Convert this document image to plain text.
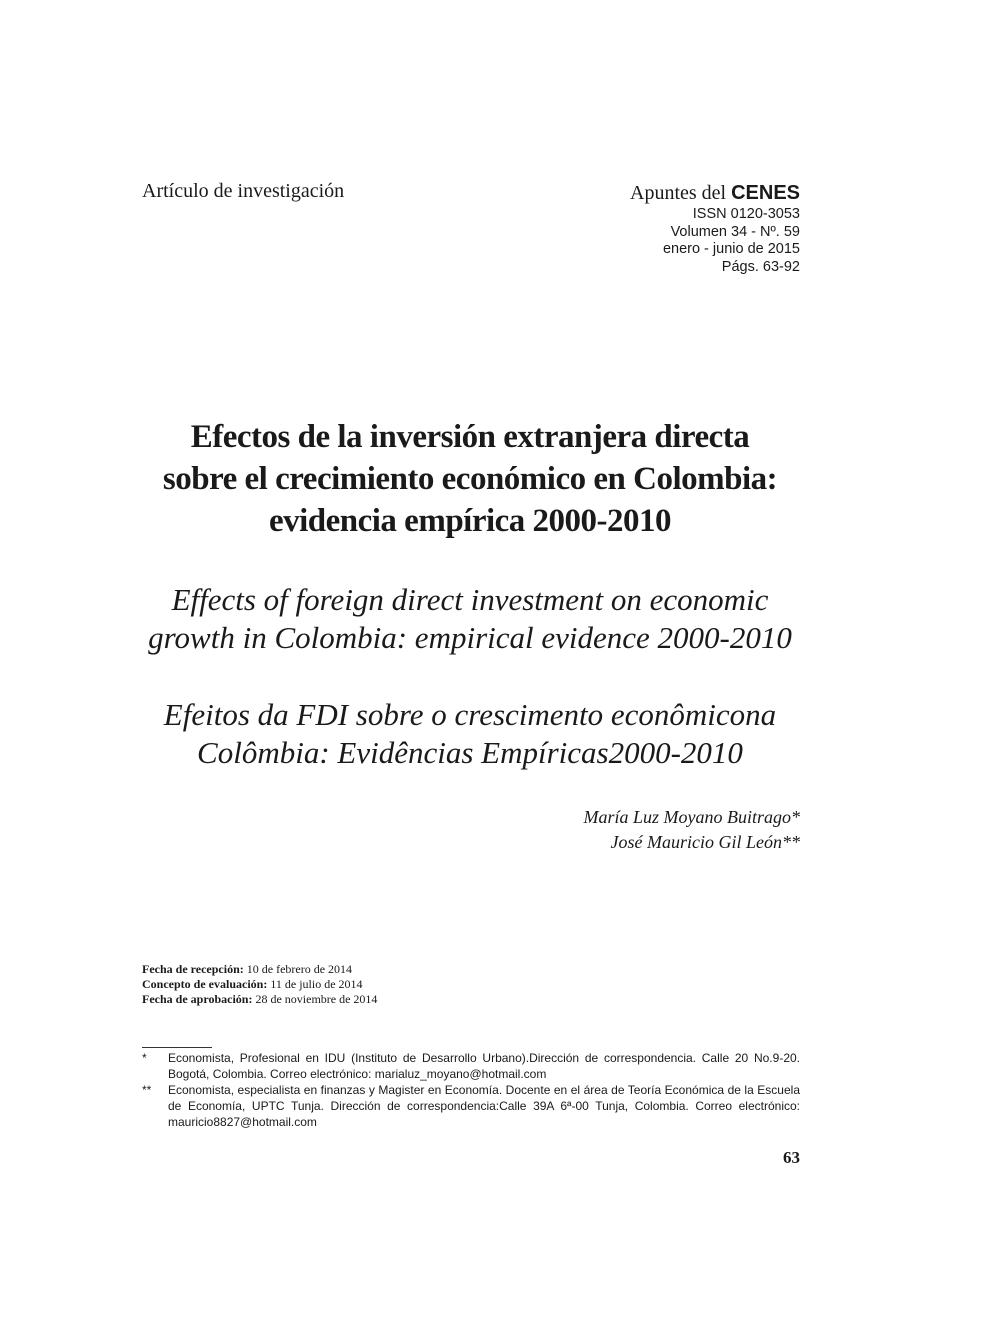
Artículo de investigación	Apuntes del CENES
ISSN 0120-3053
Volumen 34 - Nº. 59
enero - junio de 2015
Págs. 63-92
Efectos de la inversión extranjera directa
sobre el crecimiento económico en Colombia:
evidencia empírica 2000-2010
Effects of foreign direct investment on economic
growth in Colombia: empirical evidence 2000-2010
Efeitos da FDI sobre o crescimento econômicona
Colômbia: Evidências Empíricas2000-2010
María Luz Moyano Buitrago*
José Mauricio Gil León**
Fecha de recepción: 10 de febrero de 2014
Concepto de evaluación: 11 de julio de 2014
Fecha de aprobación: 28 de noviembre de 2014
* Economista, Profesional en IDU (Instituto de Desarrollo Urbano).Dirección de correspondencia. Calle 20 No.9-20. Bogotá, Colombia. Correo electrónico: marialuz_moyano@hotmail.com
** Economista, especialista en finanzas y Magister en Economía. Docente en el área de Teoría Económica de la Escuela de Economía, UPTC Tunja. Dirección de correspondencia:Calle 39A 6ª-00 Tunja, Colombia. Correo electrónico: mauricio8827@hotmail.com
63
